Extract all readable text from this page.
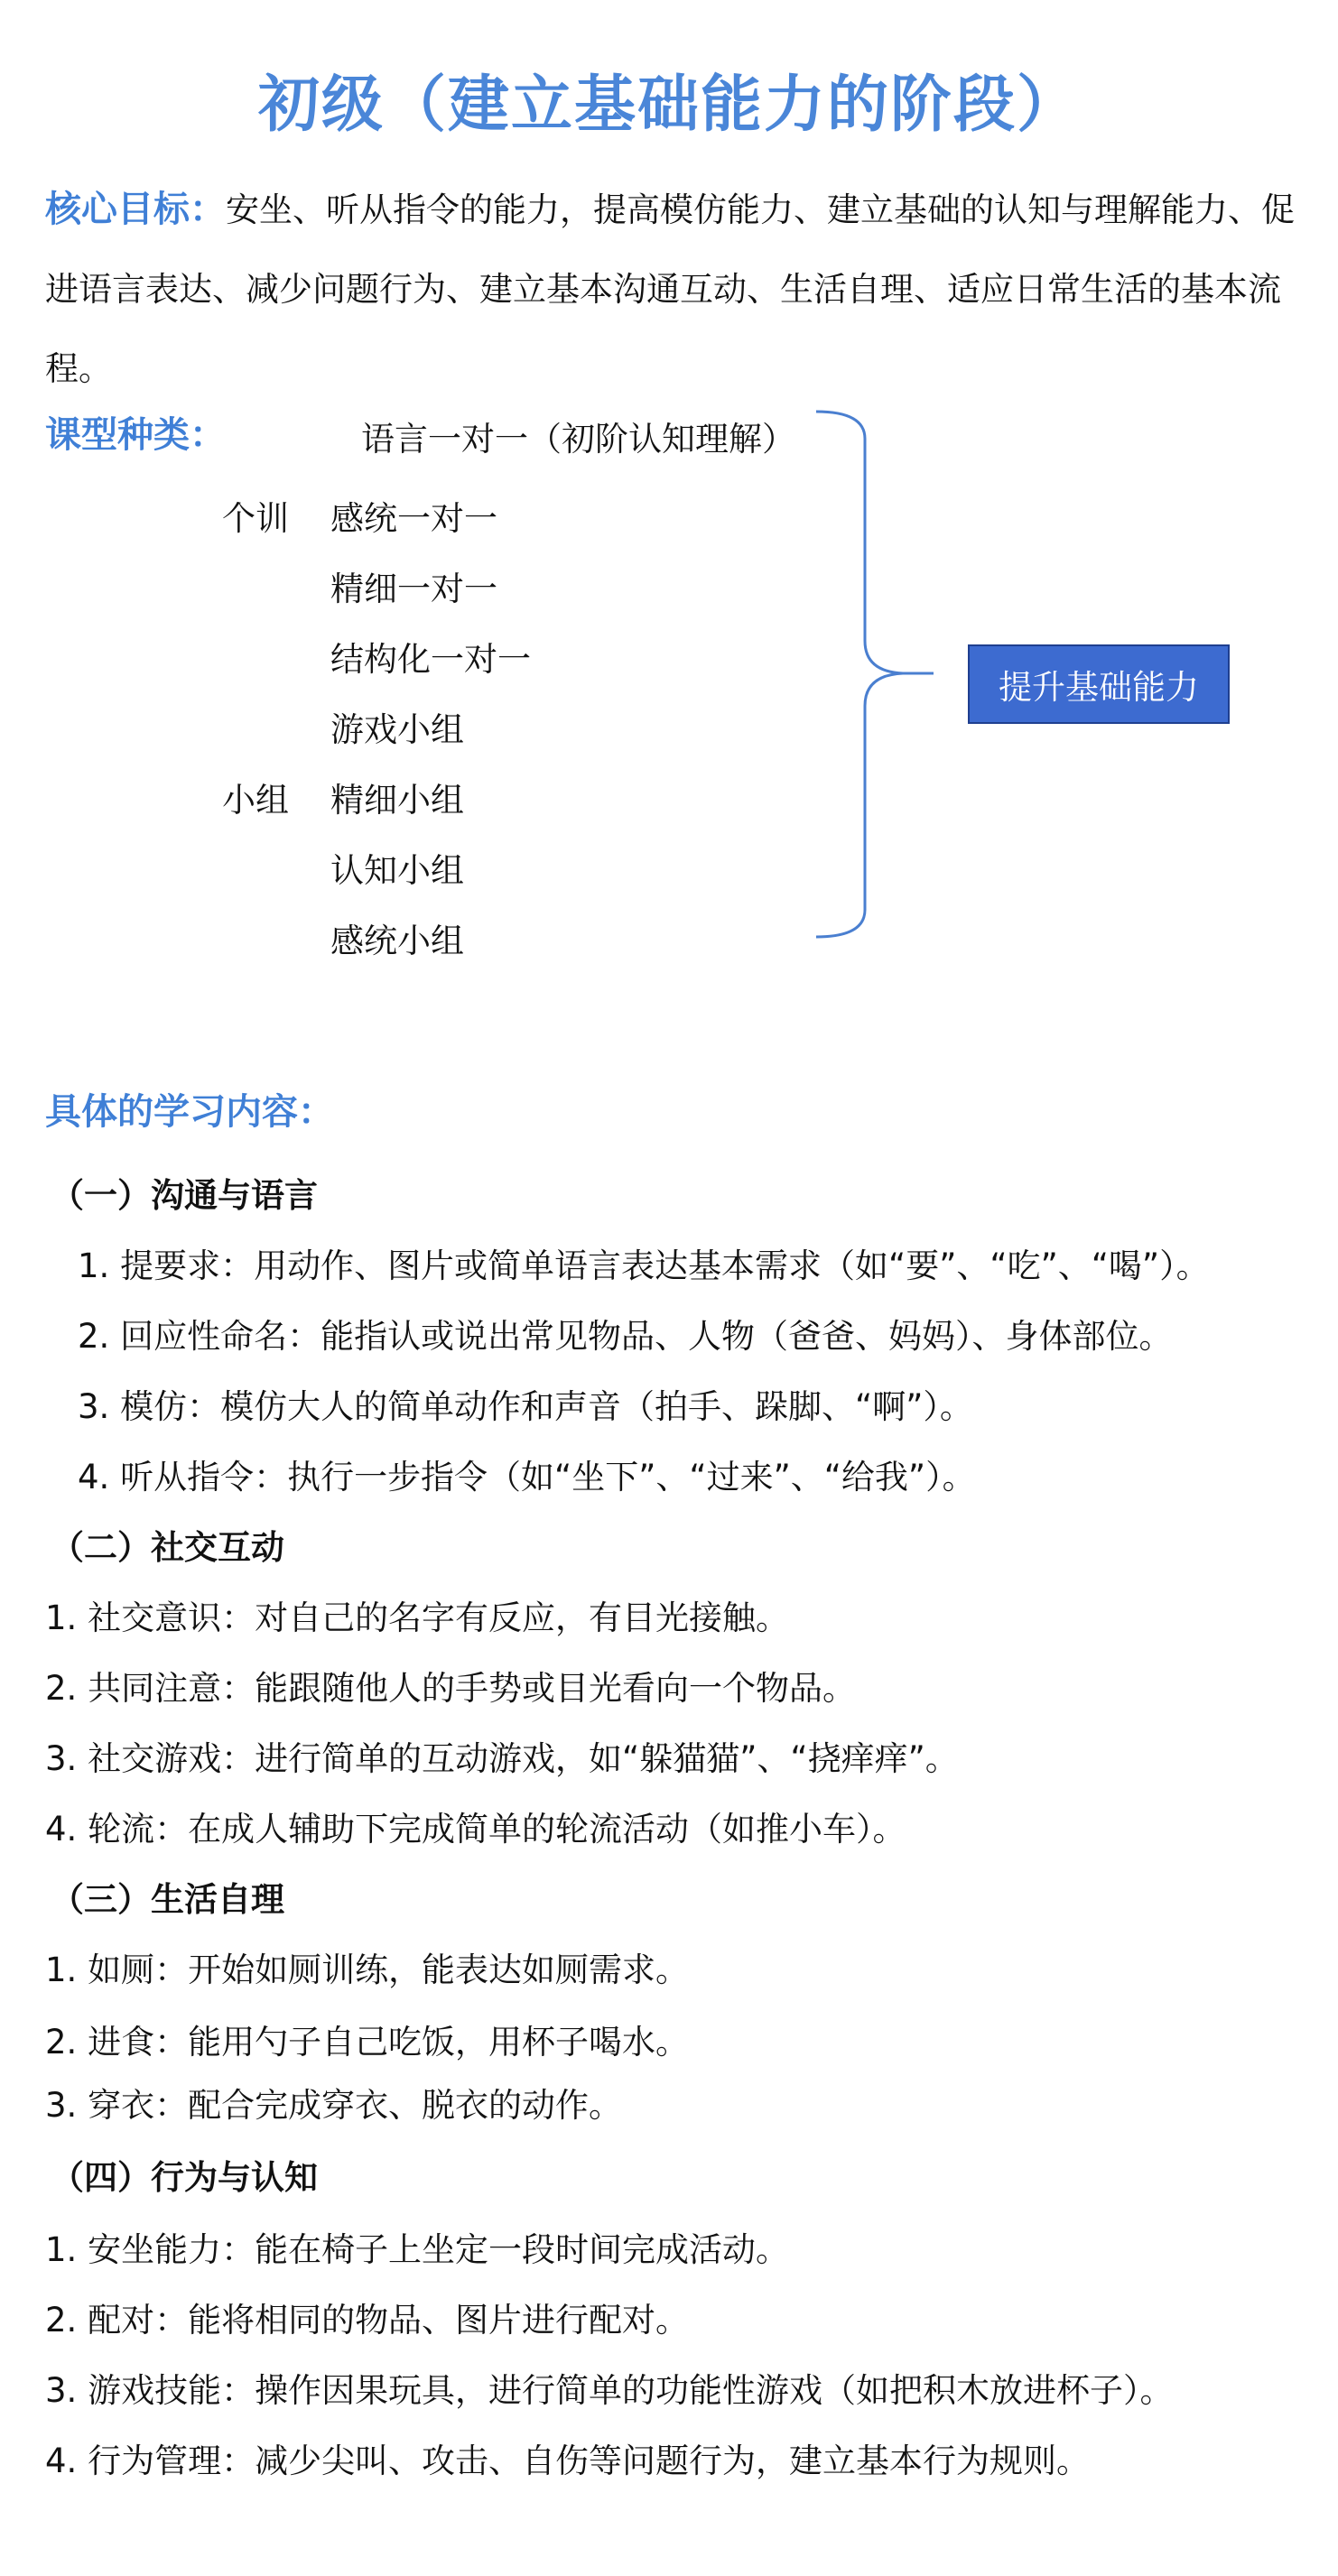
初级（建立基础能力的阶段）
核心目标：安坐、听从指令的能力，提高模仿能力、建立基础的认知与理解能力、促进语言表达、减少问题行为、建立基本沟通互动、生活自理、适应日常生活的基本流程。
课型种类：	语言一对一（初阶认知理解）
个训 感统一对一
精细一对一
结构化一对一
游戏小组
小组 精细小组
认知小组
感统小组
提升基础能力
具体的学习内容：
（一）沟通与语言
1. 提要求：用动作、图片或简单语言表达基本需求（如“要”、“吃”、“喝”）。
2. 回应性命名：能指认或说出常见物品、人物（爸爸、妈妈）、身体部位。
3. 模仿：模仿大人的简单动作和声音（拍手、跺脚、“啊”）。
4. 听从指令：执行一步指令（如“坐下”、“过来”、“给我”）。
（二）社交互动
1. 社交意识：对自己的名字有反应，有目光接触。
2. 共同注意：能跟随他人的手势或目光看向一个物品。
3. 社交游戏：进行简单的互动游戏，如“躲猫猫”、“挠痒痒”。
4. 轮流：在成人辅助下完成简单的轮流活动（如推小车）。
（三）生活自理
1. 如厕：开始如厕训练，能表达如厕需求。
2. 进食：能用勺子自己吃饭，用杯子喝水。
3. 穿衣：配合完成穿衣、脱衣的动作。
（四）行为与认知
1. 安坐能力：能在椅子上坐定一段时间完成活动。
2. 配对：能将相同的物品、图片进行配对。
3. 游戏技能：操作因果玩具，进行简单的功能性游戏（如把积木放进杯子）。
4. 行为管理：减少尖叫、攻击、自伤等问题行为，建立基本行为规则。
